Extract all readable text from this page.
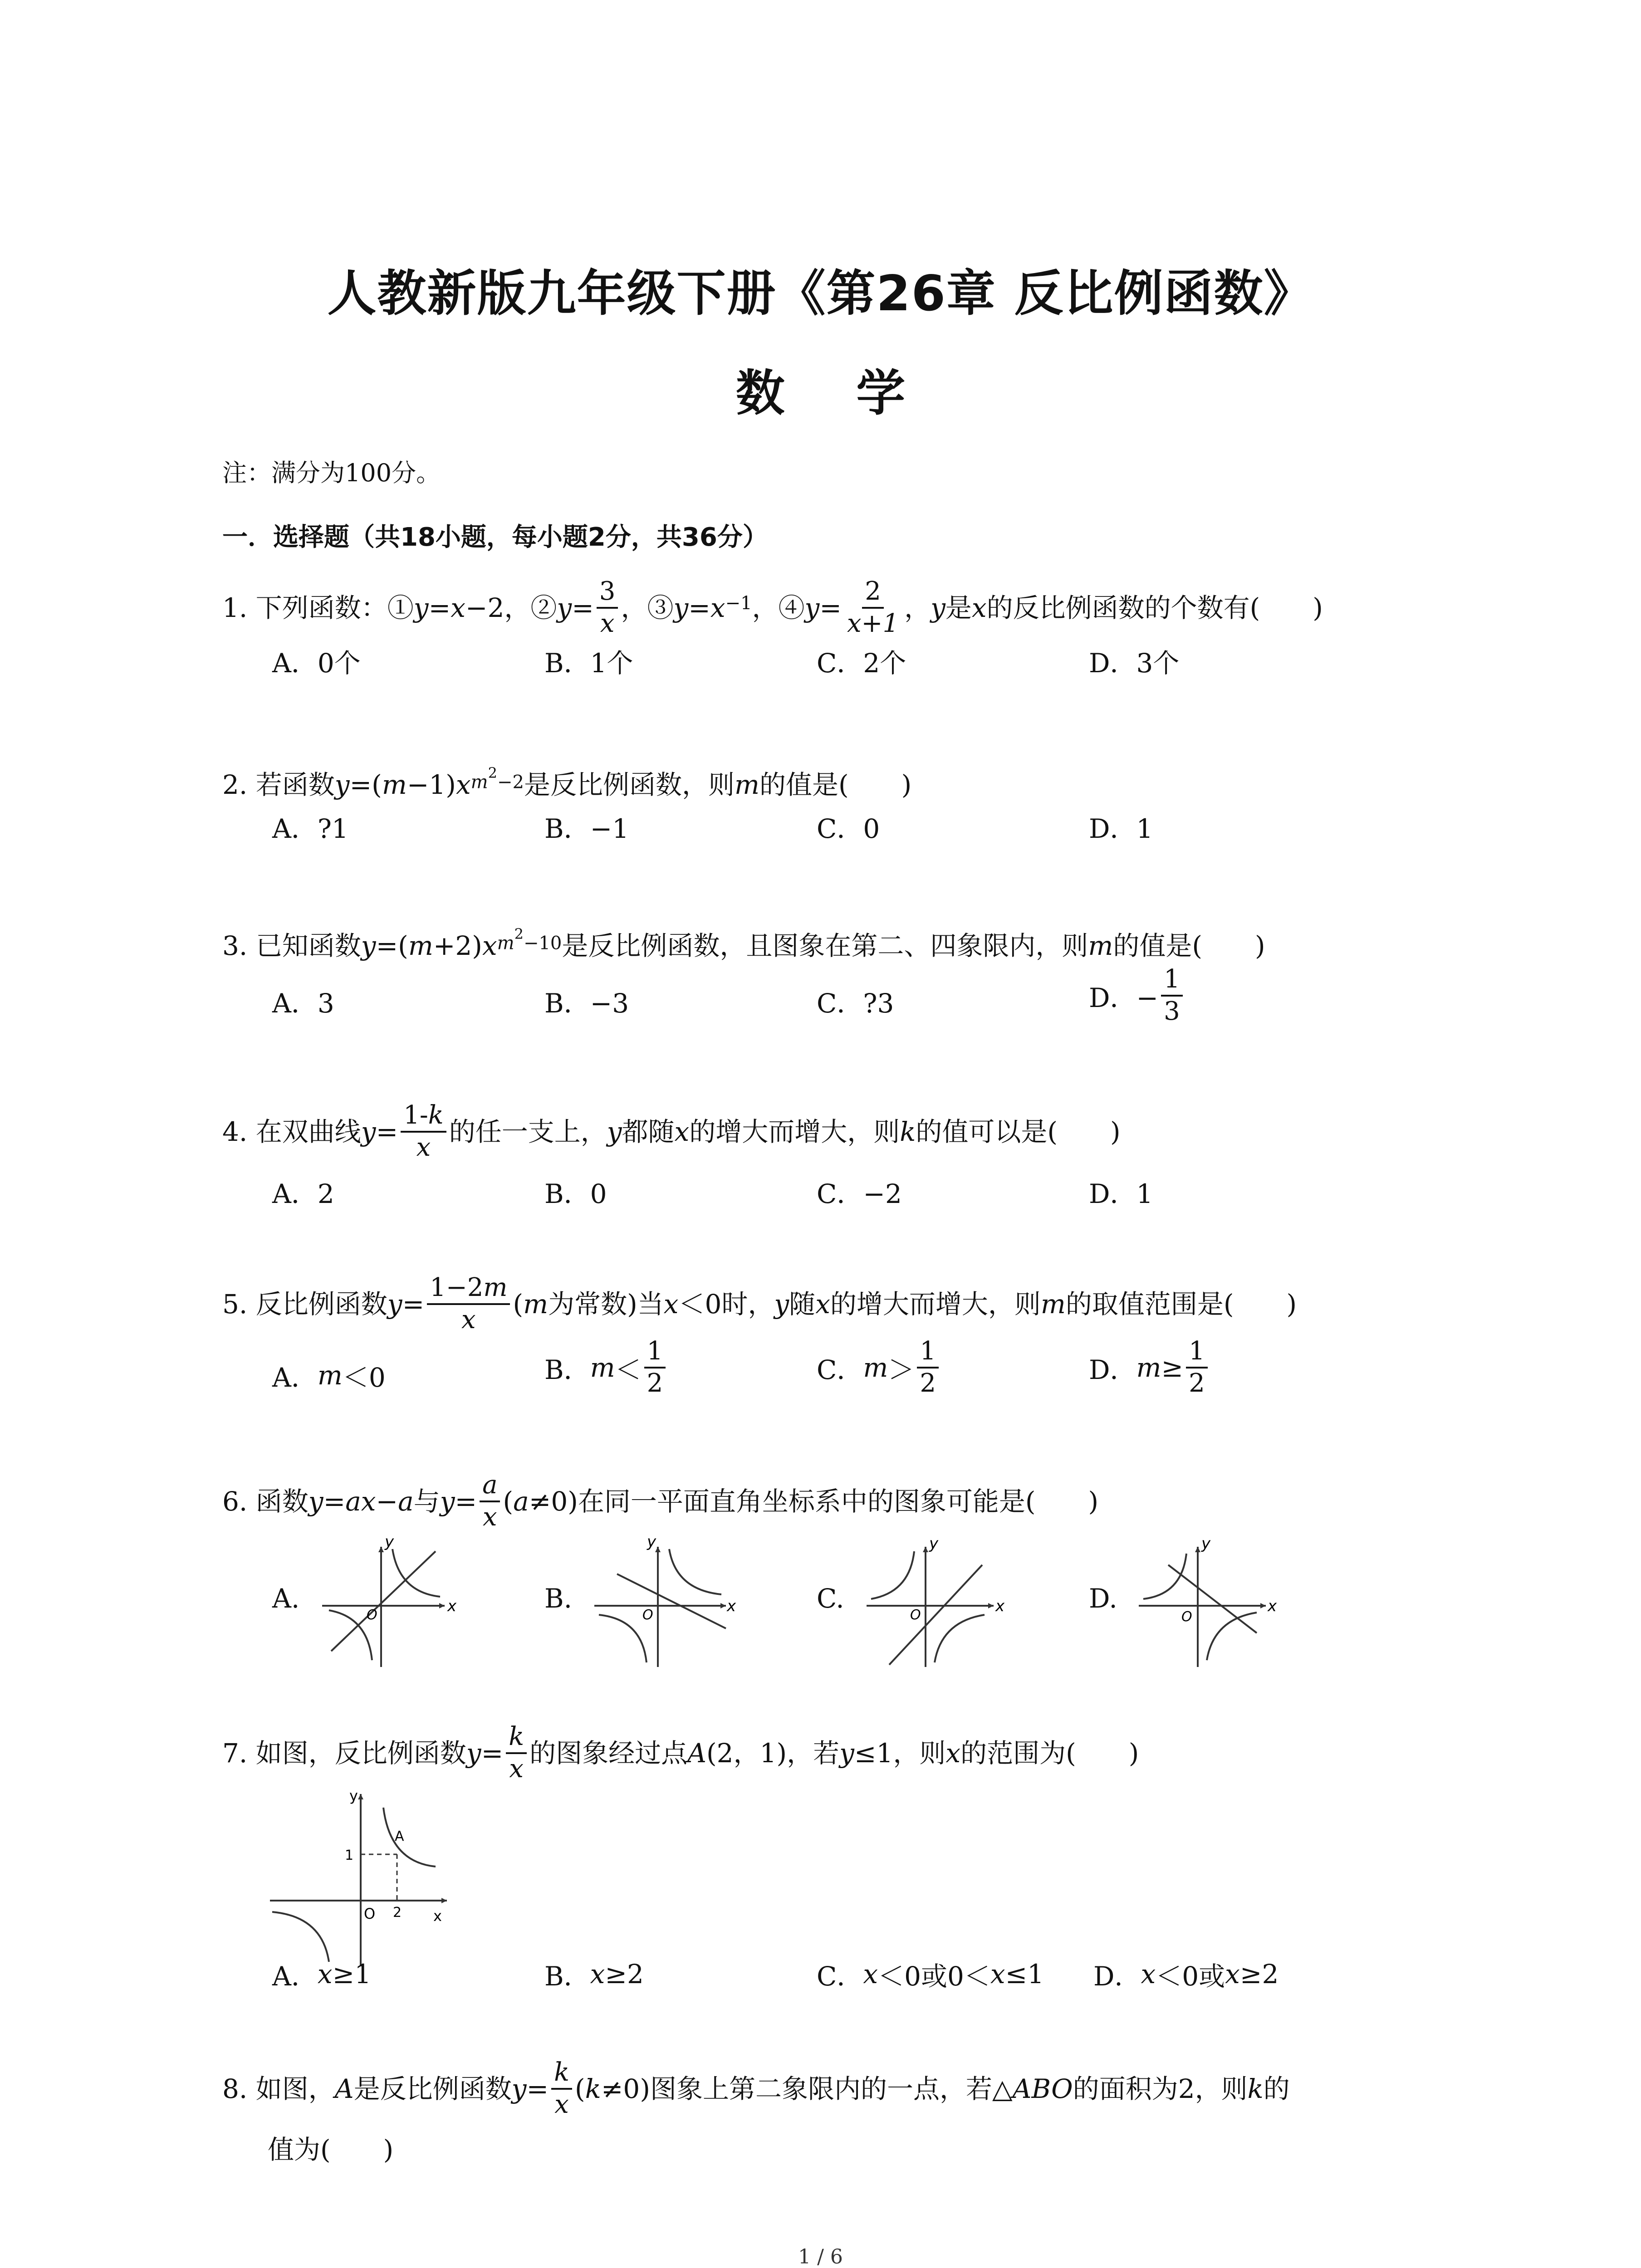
人教新版九年级下册《第26章 反比例函数》
数 学
注：满分为100分。
一．选择题（共18小题，每小题2分，共36分）
1.
下列函数：① y = x −2，② $y = \frac{3}{x}$ ，③ $y = x^{-1}$ ，④ $y = \frac{2}{x+1}$ ， y 是 x 的反比例函数的个数有(　　)
A．0个	B．1个	C．2个	D．3个
2.
若函数 y =( m −1) x $^{m^2-2}$ 是反比例函数，则 m 的值是(　　)
A．?1	B．−1	C．0	D．1
3.
已知函数 y =( m +2) x $^{m^2-10}$ 是反比例函数，且图象在第二、四象限内，则 m 的值是(　　)
A．3	B．−3	C．?3	D．− $\frac{1}{3}$
4.
在双曲线 $y = \frac{1-k}{x}$ 的任一支上， y 都随 x 的增大而增大，则 k 的值可以是(　　)
A．2	B．0	C．−2	D．1
5.
反比例函数 $y = \frac{1-2m}{x}$ ( m 为常数)当 x ＜0时， y 随 x 的增大而增大，则 m 的取值范围是(　　)
A． m ＜0	B． $m < \frac{1}{2}$	C． $m > \frac{1}{2}$	D． $m \ge \frac{1}{2}$
6.
函数 y = ax − a 与 $y = \frac{a}{x}$ ( a ≠0)在同一平面直角坐标系中的图象可能是(　　)
A.
y
x
O
B.
y
x
O
C.
y
x
O
D.
y
x
O
7.
如图，反比例函数 $y = \frac{k}{x}$ 的图象经过点 A (2，1)，若 y ≤1，则 x 的范围为(　　)
y
x
O
A
1
2
A． x ≥1	B． x ≥2	C． x ＜0或0＜ x ≤1 D． x ＜0或 x ≥2
8.
如图， A 是反比例函数 $y = \frac{k}{x}$ ( k ≠0)图象上第二象限内的一点，若△ ABO 的面积为2，则 k 的
值为(　　)
1 / 6
